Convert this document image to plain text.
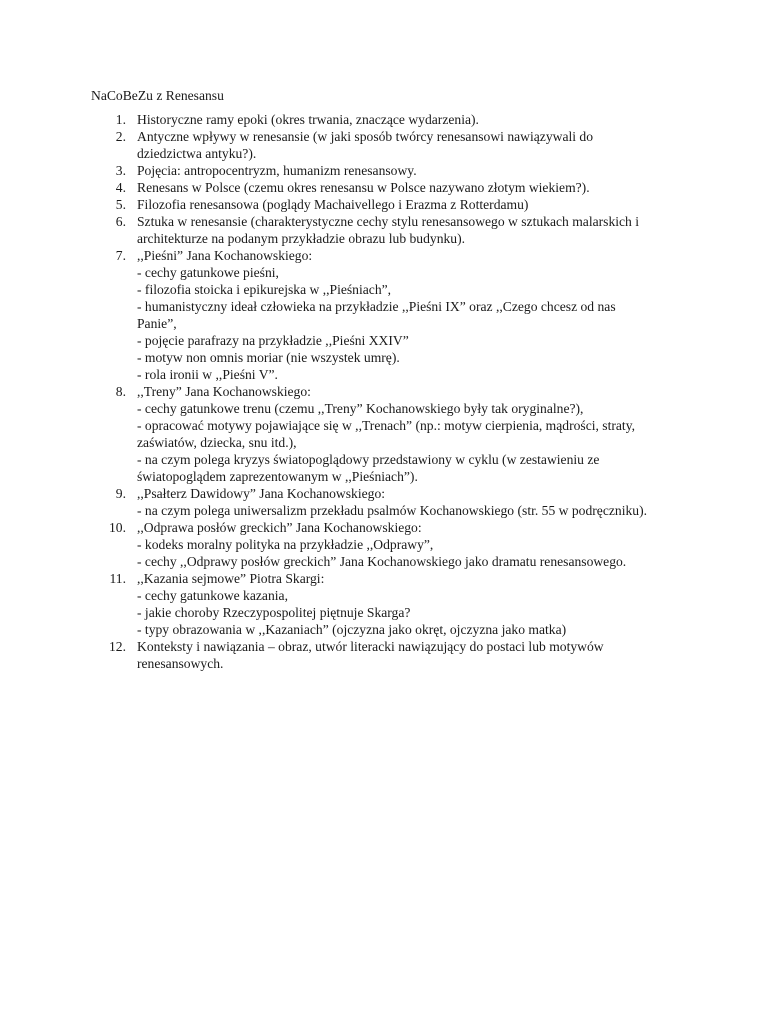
NaCoBeZu z Renesansu
1. Historyczne ramy epoki (okres trwania, znaczące wydarzenia).
2. Antyczne wpływy w renesansie (w jaki sposób twórcy renesansowi nawiązywali do
dziedzictwa antyku?).
3. Pojęcia: antropocentryzm, humanizm renesansowy.
4. Renesans w Polsce (czemu okres renesansu w Polsce nazywano złotym wiekiem?).
5. Filozofia renesansowa (poglądy Machaivellego i Erazma z Rotterdamu)
6. Sztuka w renesansie (charakterystyczne cechy stylu renesansowego w sztukach malarskich i
architekturze na podanym przykładzie obrazu lub budynku).
7. ,,Pieśni” Jana Kochanowskiego:
- cechy gatunkowe pieśni,
- filozofia stoicka i epikurejska w ,,Pieśniach”,
- humanistyczny ideał człowieka na przykładzie ,,Pieśni IX” oraz ,,Czego chcesz od nas
Panie”,
- pojęcie parafrazy na przykładzie ,,Pieśni XXIV”
- motyw non omnis moriar (nie wszystek umrę).
- rola ironii w ,,Pieśni V”.
8. ,,Treny” Jana Kochanowskiego:
- cechy gatunkowe trenu (czemu ,,Treny” Kochanowskiego były tak oryginalne?),
- opracować motywy pojawiające się w ,,Trenach” (np.: motyw cierpienia, mądrości, straty,
zaświatów, dziecka, snu itd.),
- na czym polega kryzys światopoglądowy przedstawiony w cyklu (w zestawieniu ze
światopoglądem zaprezentowanym w ,,Pieśniach”).
9. ,,Psałterz Dawidowy” Jana Kochanowskiego:
- na czym polega uniwersalizm przekładu psalmów Kochanowskiego (str. 55 w podręczniku).
10. ,,Odprawa posłów greckich” Jana Kochanowskiego:
- kodeks moralny polityka na przykładzie ,,Odprawy”,
- cechy ,,Odprawy posłów greckich” Jana Kochanowskiego jako dramatu renesansowego.
11. ,,Kazania sejmowe” Piotra Skargi:
- cechy gatunkowe kazania,
- jakie choroby Rzeczypospolitej piętnuje Skarga?
- typy obrazowania w ,,Kazaniach” (ojczyzna jako okręt, ojczyzna jako matka)
12. Konteksty i nawiązania – obraz, utwór literacki nawiązujący do postaci lub motywów
renesansowych.
